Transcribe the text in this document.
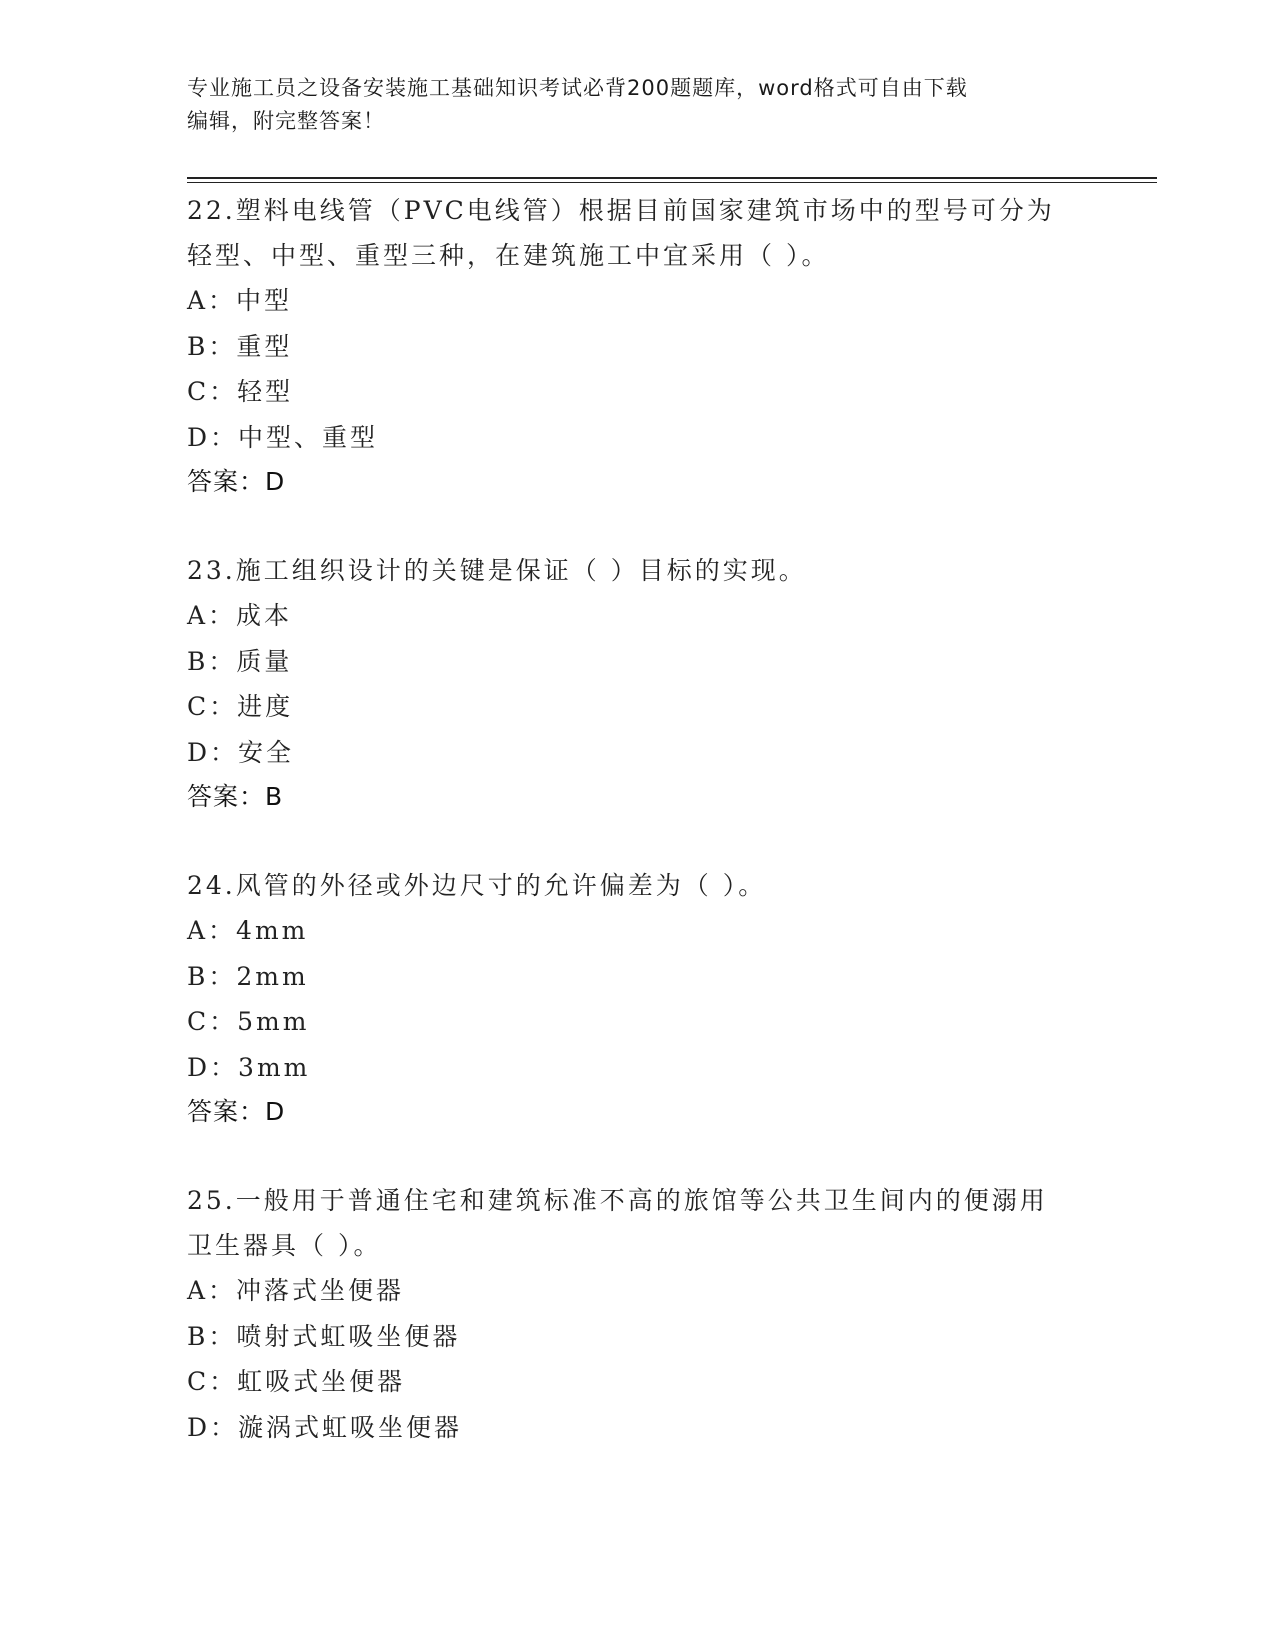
专业施工员之设备安装施工基础知识考试必背200题题库，word格式可自由下载
编辑，附完整答案！
22.塑料电线管（PVC电线管）根据目前国家建筑市场中的型号可分为
轻型、中型、重型三种，在建筑施工中宜采用（ ）。
A：中型
B：重型
C：轻型
D：中型、重型
答案：D
23.施工组织设计的关键是保证（ ）目标的实现。
A：成本
B：质量
C：进度
D：安全
答案：B
24.风管的外径或外边尺寸的允许偏差为（ ）。
A：4mm
B：2mm
C：5mm
D：3mm
答案：D
25.一般用于普通住宅和建筑标准不高的旅馆等公共卫生间内的便溺用
卫生器具（ ）。
A：冲落式坐便器
B：喷射式虹吸坐便器
C：虹吸式坐便器
D：漩涡式虹吸坐便器
